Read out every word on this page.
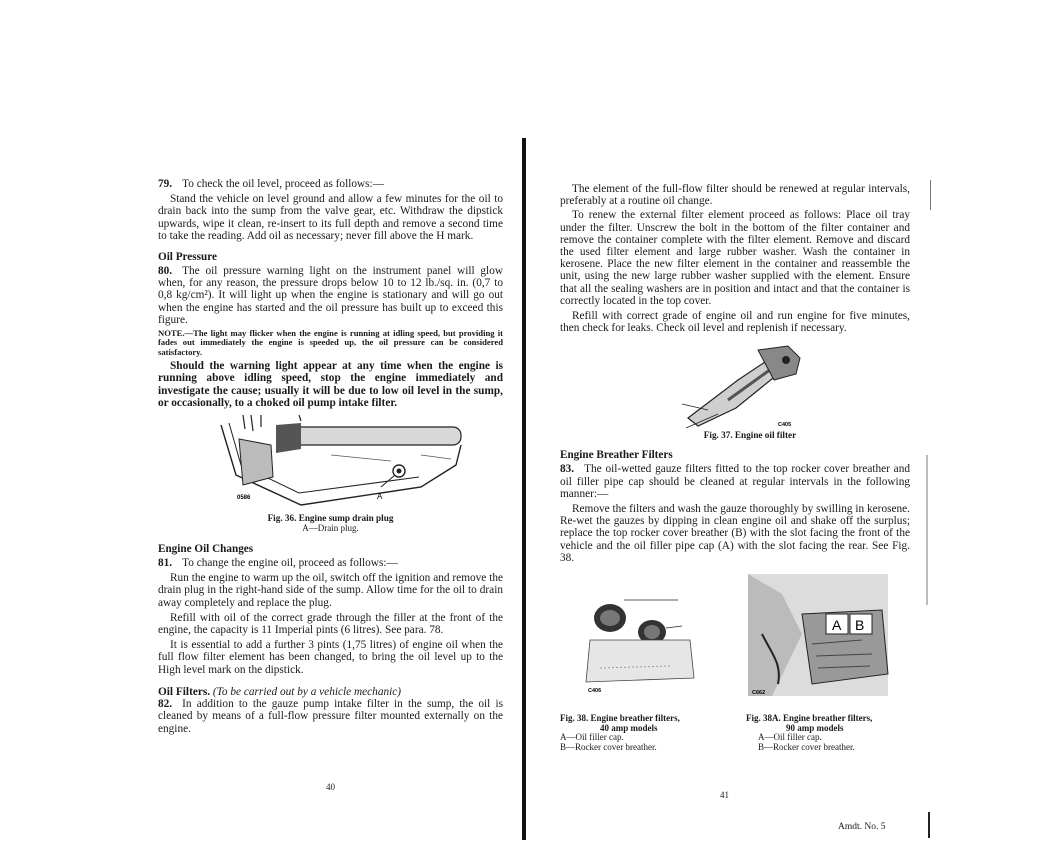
79. To check the oil level, proceed as follows:—

Stand the vehicle on level ground and allow a few minutes for the oil to drain back into the sump from the valve gear, etc. Withdraw the dipstick upwards, wipe it clean, re-insert to its full depth and remove a second time to take the reading. Add oil as necessary; never fill above the H mark.

Oil Pressure

80. The oil pressure warning light on the instrument panel will glow when, for any reason, the pressure drops below 10 to 12 lb./sq. in. (0,7 to 0,8 kg/cm²). It will light up when the engine is stationary and will go out when the engine has started and the oil pressure has built up to exceed this figure.

NOTE.—The light may flicker when the engine is running at idling speed, but providing it fades out immediately the engine is speeded up, the oil pressure can be considered satisfactory.

Should the warning light appear at any time when the engine is running above idling speed, stop the engine immediately and investigate the cause; usually it will be due to low oil level in the sump, or occasionally, to a choked oil pump intake filter.

0586	A
Fig. 36. Engine sump drain plug
A—Drain plug.
Engine Oil Changes

81. To change the engine oil, proceed as follows:—

Run the engine to warm up the oil, switch off the ignition and remove the drain plug in the right-hand side of the sump. Allow time for the oil to drain away completely and replace the plug.

Refill with oil of the correct grade through the filler at the front of the engine, the capacity is 11 Imperial pints (6 litres). See para. 78.

It is essential to add a further 3 pints (1,75 litres) of engine oil when the full flow filter element has been changed, to bring the oil level up to the High level mark on the dipstick.

Oil Filters. (To be carried out by a vehicle mechanic)

82. In addition to the gauze pump intake filter in the sump, the oil is cleaned by means of a full-flow pressure filter mounted externally on the engine.

40

The element of the full-flow filter should be renewed at regular intervals, preferably at a routine oil change.

To renew the external filter element proceed as follows: Place oil tray under the filter. Unscrew the bolt in the bottom of the filter container and remove the container complete with the filter element. Remove and discard the used filter element and large rubber washer. Wash the container in kerosene. Place the new filter element in the container and reassemble the unit, using the new large rubber washer supplied with the element. Ensure that all the sealing washers are in position and intact and that the container is correctly located in the top cover.

Refill with correct grade of engine oil and run engine for five minutes, then check for leaks. Check oil level and replenish if necessary.

C405
Fig. 37. Engine oil filter
Engine Breather Filters

83. The oil-wetted gauze filters fitted to the top rocker cover breather and oil filler pipe cap should be cleaned at regular intervals in the following manner:—

Remove the filters and wash the gauze thoroughly by swilling in kerosene. Re-wet the gauzes by dipping in clean engine oil and shake off the surplus; replace the top rocker cover breather (B) with the slot facing the front of the vehicle and the oil filler pipe cap (A) with the slot facing the rear. See Fig. 38.

C406
A B
C662
Fig. 38. Engine breather filters,
40 amp models
A—Oil filler cap.
B—Rocker cover breather.
Fig. 38A. Engine breather filters,
90 amp models
A—Oil filler cap.
B—Rocker cover breather.
41
Amdt. No. 5
